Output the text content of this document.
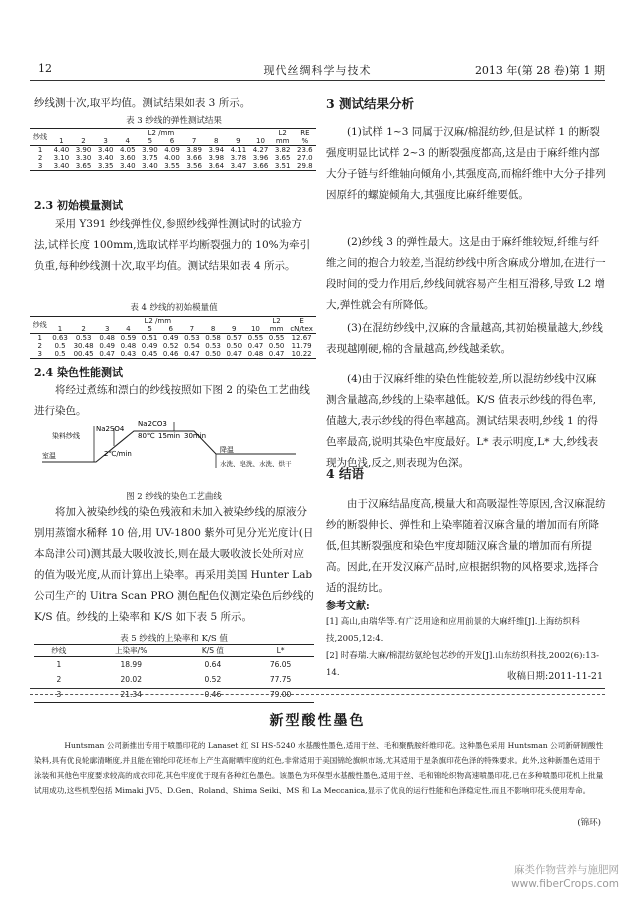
12	现代丝绸科学与技术	2013 年(第 28 卷)第 1 期

纱线测十次,取平均值。测试结果如表 3 所示。

表 3 纱线的弹性测试结果
纱线	L2 /mm										L2	RE
	1	2	3	4	5	6	7	8	9	10	mm	%
1	4.40	3.90	3.40	4.05	3.90	4.09	3.89	3.94	4.11	4.27	3.82	23.6
2	3.10	3.30	3.40	3.60	3.75	4.00	3.66	3.98	3.78	3.96	3.65	27.0
3	3.40	3.65	3.35	3.40	3.40	3.55	3.56	3.64	3.47	3.66	3.51	29.8
2.3 初始模量测试

采用 Y391 纱线弹性仪,参照纱线弹性测试时的试验方法,试样长度 100mm,选取试样平均断裂强力的 10%为牵引负重,每种纱线测十次,取平均值。测试结果如表 4 所示。

表 4 纱线的初始模量值
纱线	L2 /mm										L2	E
	1	2	3	4	5	6	7	8	9	10	mm	cN/tex
1	0.63	0.53	0.48	0.59	0.51	0.49	0.53	0.58	0.57	0.55	0.55	12.67
2	0.5	30.48	0.49	0.48	0.49	0.52	0.54	0.53	0.50	0.47	0.50	11.79
3	0.5	00.45	0.47	0.43	0.45	0.46	0.47	0.50	0.47	0.48	0.47	10.22
2.4 染色性能测试

将经过煮练和漂白的纱线按照如下图 2 的染色工艺曲线进行染色。

Na2CO3
Na2SO4
染料纱线	80℃ 15min 30min
2℃/min
室温
降温
水洗、皂洗、水洗、烘干
图 2 纱线的染色工艺曲线

将加入被染纱线的染色残液和未加入被染纱线的原液分别用蒸馏水稀释 10 倍,用 UV-1800 紫外可见分光光度计(日本岛津公司)测其最大吸收波长,则在最大吸收波长处所对应的值为吸光度,从而计算出上染率。再采用美国 Hunter Lab 公司生产的 Uitra Scan PRO 测色配色仪测定染色后纱线的 K/S 值。纱线的上染率和 K/S 如下表 5 所示。

表 5 纱线的上染率和 K/S 值
纱线	上染率/%	K/S 值	L*
1	18.99	0.64	76.05
2	20.02	0.52	77.75
3	21.34	0.46	79.00
3 测试结果分析

(1)试样 1~3 同属于汉麻/棉混纺纱,但是试样 1 的断裂强度明显比试样 2~3 的断裂强度都高,这是由于麻纤维内部大分子链与纤维轴向倾角小,其强度高,而棉纤维中大分子排列因原纤的螺旋倾角大,其强度比麻纤维要低。

(2)纱线 3 的弹性最大。这是由于麻纤维较短,纤维与纤维之间的抱合力较差,当混纺纱线中所含麻成分增加,在进行一段时间的受力作用后,纱线间就容易产生相互滑移,导致 L2 增大,弹性就会有所降低。

(3)在混纺纱线中,汉麻的含量越高,其初始模量越大,纱线表现越刚硬,棉的含量越高,纱线越柔软。

(4)由于汉麻纤维的染色性能较差,所以混纺纱线中汉麻测含量越高,纱线的上染率越低。K/S 值表示纱线的得色率,值越大,表示纱线的得色率越高。测试结果表明,纱线 1 的得色率最高,说明其染色牢度最好。L* 表示明度,L* 大,纱线表现为色浅,反之,则表现为色深。

4 结语

由于汉麻结晶度高,模量大和高吸湿性等原因,含汉麻混纺纱的断裂伸长、弹性和上染率随着汉麻含量的增加而有所降低,但其断裂强度和染色牢度却随汉麻含量的增加而有所提高。因此,在开发汉麻产品时,应根据织物的风格要求,选择合适的混纺比。

参考文献:
[1] 高山,由瑞华等.有广泛用途和应用前景的大麻纤维[J].上海纺织科技,2005,12:4.
[2] 时春瑞.大麻/棉混纺氨纶包芯纱的开发[J].山东纺织科技,2002(6):13-14.	收稿日期:2011-11-21
新型酸性墨色

Huntsman 公司新推出专用于喷墨印花的 Lanaset 红 SI HS-5240 水基酸性墨色,适用于丝、毛和聚酰胺纤维印花。这种墨色采用 Huntsman 公司新研制酸性染料,具有优良轮廓清晰度,并且能在锦纶印花坯布上产生高耐晒牢度的红色,非常适用于美国锦纶旗帜市场,尤其适用于星条旗印花色泽的特殊要求。此外,这种新墨色适用于泳装和其他色牢度要求较高的成衣印花,其色牢度优于现有各种红色墨色。该墨色为环保型水基酸性墨色,适用于丝、毛和锦纶织物高速喷墨印花,已在多种喷墨印花机上批量试用成功,这些机型包括 Mimaki JV5、D.Gen、Roland、Shima Seiki、MS 和 La Meccanica,显示了优良的运行性能和色泽稳定性,而且不影响印花头使用寿命。

(锦环)
麻类作物营养与施肥网
www.fiberCrops.com
